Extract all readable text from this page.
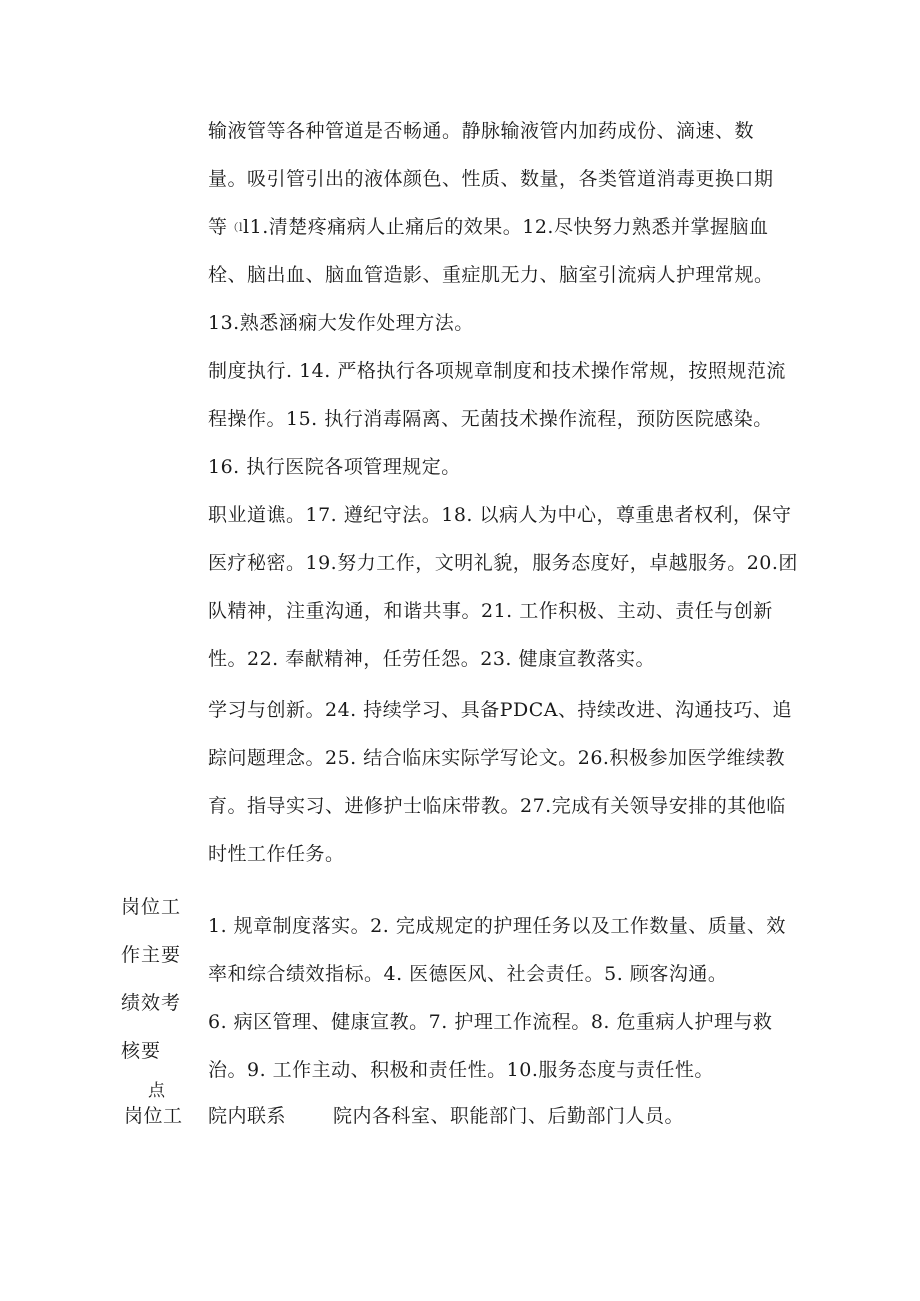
输液管等各种管道是否畅通。静脉输液管内加药成份、滴速、数
量。吸引管引出的液体颜色、性质、数量，各类管道消毒更换口期
等（ll1.清楚疼痛病人止痛后的效果。12.尽快努力熟悉并掌握脑血
栓、脑出血、脑血管造影、重症肌无力、脑室引流病人护理常规。
13.熟悉涵痫大发作处理方法。
制度执行. 14. 严格执行各项规章制度和技术操作常规，按照规范流
程操作。15. 执行消毒隔离、无菌技术操作流程，预防医院感染。
16. 执行医院各项管理规定。
职业道谯。17. 遵纪守法。18. 以病人为中心，尊重患者权利，保守
医疗秘密。19.努力工作，文明礼貌，服务态度好，卓越服务。20.团
队精神，注重沟通，和谐共事。21. 工作积极、主动、责任与创新
性。22. 奉献精神，任劳任怨。23. 健康宣教落实。
学习与创新。24. 持续学习、具备PDCA、持续改进、沟通技巧、追
踪问题理念。25. 结合临床实际学写论文。26.积极参加医学维续教
育。指导实习、进修护士临床带教。27.完成有关领导安排的其他临
时性工作任务。
岗位工
作主要
绩效考
核要
点
1. 规章制度落实。2. 完成规定的护理任务以及工作数量、质量、效
率和综合绩效指标。4. 医德医风、社会责任。5. 顾客沟通。
6. 病区管理、健康宣教。7. 护理工作流程。8. 危重病人护理与救
治。9. 工作主动、积极和责任性。10.服务态度与责任性。
岗位工 院内联系 院内各科室、职能部门、后勤部门人员。
